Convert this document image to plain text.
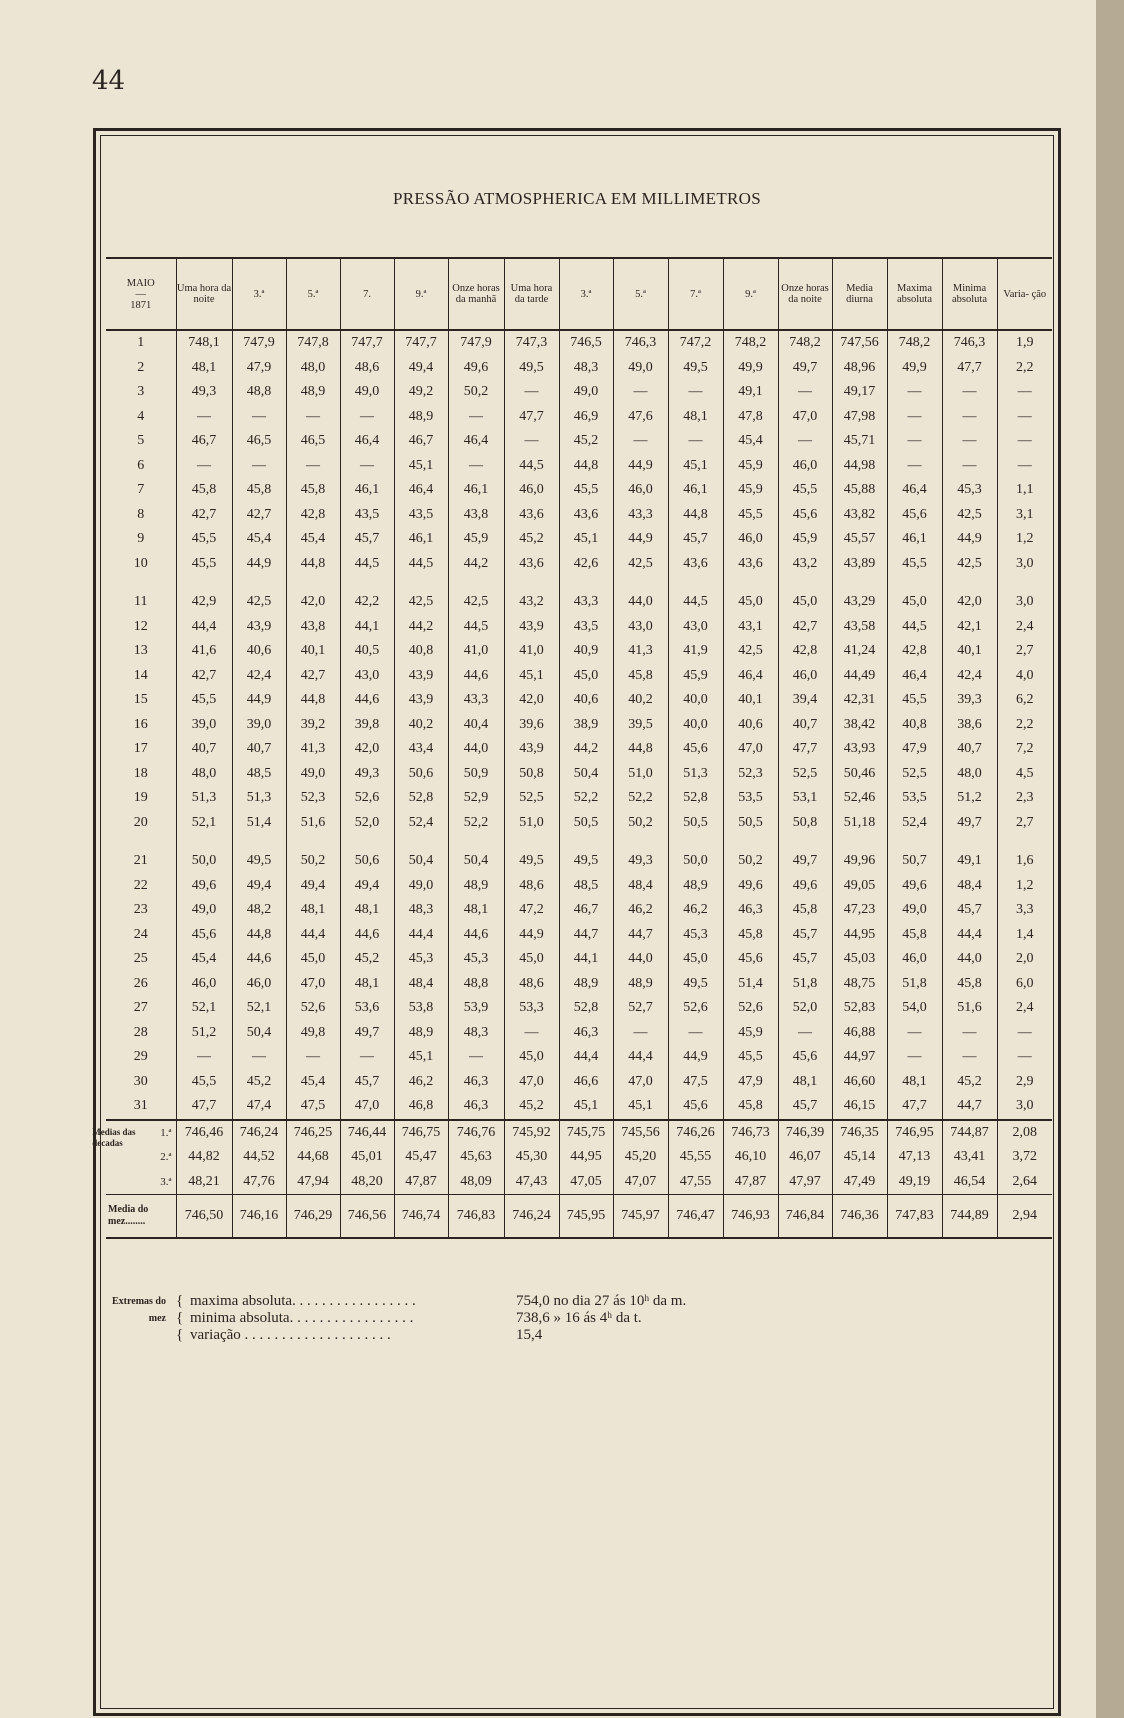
44
PRESSÃO ATMOSPHERICA EM MILLIMETROS
MAIO
—
1871	Uma hora da noite	3.ª	5.ª	7.	9.ª	Onze horas da manhã	Uma hora da tarde	3.ª	5.ª	7.ª	9.ª	Onze horas da noite	Media diurna	Maxima absoluta	Minima absoluta	Varia- ção
1	748,1	747,9	747,8	747,7	747,7	747,9	747,3	746,5	746,3	747,2	748,2	748,2	747,56	748,2	746,3	1,9
2	48,1	47,9	48,0	48,6	49,4	49,6	49,5	48,3	49,0	49,5	49,9	49,7	48,96	49,9	47,7	2,2
3	49,3	48,8	48,9	49,0	49,2	50,2	—	49,0	—	—	49,1	—	49,17	—	—	—
4	—	—	—	—	48,9	—	47,7	46,9	47,6	48,1	47,8	47,0	47,98	—	—	—
5	46,7	46,5	46,5	46,4	46,7	46,4	—	45,2	—	—	45,4	—	45,71	—	—	—
6	—	—	—	—	45,1	—	44,5	44,8	44,9	45,1	45,9	46,0	44,98	—	—	—
7	45,8	45,8	45,8	46,1	46,4	46,1	46,0	45,5	46,0	46,1	45,9	45,5	45,88	46,4	45,3	1,1
8	42,7	42,7	42,8	43,5	43,5	43,8	43,6	43,6	43,3	44,8	45,5	45,6	43,82	45,6	42,5	3,1
9	45,5	45,4	45,4	45,7	46,1	45,9	45,2	45,1	44,9	45,7	46,0	45,9	45,57	46,1	44,9	1,2
10	45,5	44,9	44,8	44,5	44,5	44,2	43,6	42,6	42,5	43,6	43,6	43,2	43,89	45,5	42,5	3,0

11	42,9	42,5	42,0	42,2	42,5	42,5	43,2	43,3	44,0	44,5	45,0	45,0	43,29	45,0	42,0	3,0
12	44,4	43,9	43,8	44,1	44,2	44,5	43,9	43,5	43,0	43,0	43,1	42,7	43,58	44,5	42,1	2,4
13	41,6	40,6	40,1	40,5	40,8	41,0	41,0	40,9	41,3	41,9	42,5	42,8	41,24	42,8	40,1	2,7
14	42,7	42,4	42,7	43,0	43,9	44,6	45,1	45,0	45,8	45,9	46,4	46,0	44,49	46,4	42,4	4,0
15	45,5	44,9	44,8	44,6	43,9	43,3	42,0	40,6	40,2	40,0	40,1	39,4	42,31	45,5	39,3	6,2
16	39,0	39,0	39,2	39,8	40,2	40,4	39,6	38,9	39,5	40,0	40,6	40,7	38,42	40,8	38,6	2,2
17	40,7	40,7	41,3	42,0	43,4	44,0	43,9	44,2	44,8	45,6	47,0	47,7	43,93	47,9	40,7	7,2
18	48,0	48,5	49,0	49,3	50,6	50,9	50,8	50,4	51,0	51,3	52,3	52,5	50,46	52,5	48,0	4,5
19	51,3	51,3	52,3	52,6	52,8	52,9	52,5	52,2	52,2	52,8	53,5	53,1	52,46	53,5	51,2	2,3
20	52,1	51,4	51,6	52,0	52,4	52,2	51,0	50,5	50,2	50,5	50,5	50,8	51,18	52,4	49,7	2,7

21	50,0	49,5	50,2	50,6	50,4	50,4	49,5	49,5	49,3	50,0	50,2	49,7	49,96	50,7	49,1	1,6
22	49,6	49,4	49,4	49,4	49,0	48,9	48,6	48,5	48,4	48,9	49,6	49,6	49,05	49,6	48,4	1,2
23	49,0	48,2	48,1	48,1	48,3	48,1	47,2	46,7	46,2	46,2	46,3	45,8	47,23	49,0	45,7	3,3
24	45,6	44,8	44,4	44,6	44,4	44,6	44,9	44,7	44,7	45,3	45,8	45,7	44,95	45,8	44,4	1,4
25	45,4	44,6	45,0	45,2	45,3	45,3	45,0	44,1	44,0	45,0	45,6	45,7	45,03	46,0	44,0	2,0
26	46,0	46,0	47,0	48,1	48,4	48,8	48,6	48,9	48,9	49,5	51,4	51,8	48,75	51,8	45,8	6,0
27	52,1	52,1	52,6	53,6	53,8	53,9	53,3	52,8	52,7	52,6	52,6	52,0	52,83	54,0	51,6	2,4
28	51,2	50,4	49,8	49,7	48,9	48,3	—	46,3	—	—	45,9	—	46,88	—	—	—
29	—	—	—	—	45,1	—	45,0	44,4	44,4	44,9	45,5	45,6	44,97	—	—	—
30	45,5	45,2	45,4	45,7	46,2	46,3	47,0	46,6	47,0	47,5	47,9	48,1	46,60	48,1	45,2	2,9
31	47,7	47,4	47,5	47,0	46,8	46,3	45,2	45,1	45,1	45,6	45,8	45,7	46,15	47,7	44,7	3,0

Medias das decadas
1.ª	746,46	746,24	746,25	746,44	746,75	746,76	745,92	745,75	745,56	746,26	746,73	746,39	746,35	746,95	744,87	2,08
2.ª	44,82	44,52	44,68	45,01	45,47	45,63	45,30	44,95	45,20	45,55	46,10	46,07	45,14	47,13	43,41	3,72
3.ª	48,21	47,76	47,94	48,20	47,87	48,09	47,43	47,05	47,07	47,55	47,87	47,97	47,49	49,19	46,54	2,64
Media do mez........	746,50	746,16	746,29	746,56	746,74	746,83	746,24	745,95	745,97	746,47	746,93	746,84	746,36	747,83	744,89	2,94
Extremas do mez
{
{
{
maxima absoluta. . . . . . . . . . . . . . . . .	754,0 no dia 27 ás 10ʰ da m.
minima absoluta. . . . . . . . . . . . . . . . .	738,6 » 16 ás 4ʰ da t.
variação . . . . . . . . . . . . . . . . . . . .	15,4
